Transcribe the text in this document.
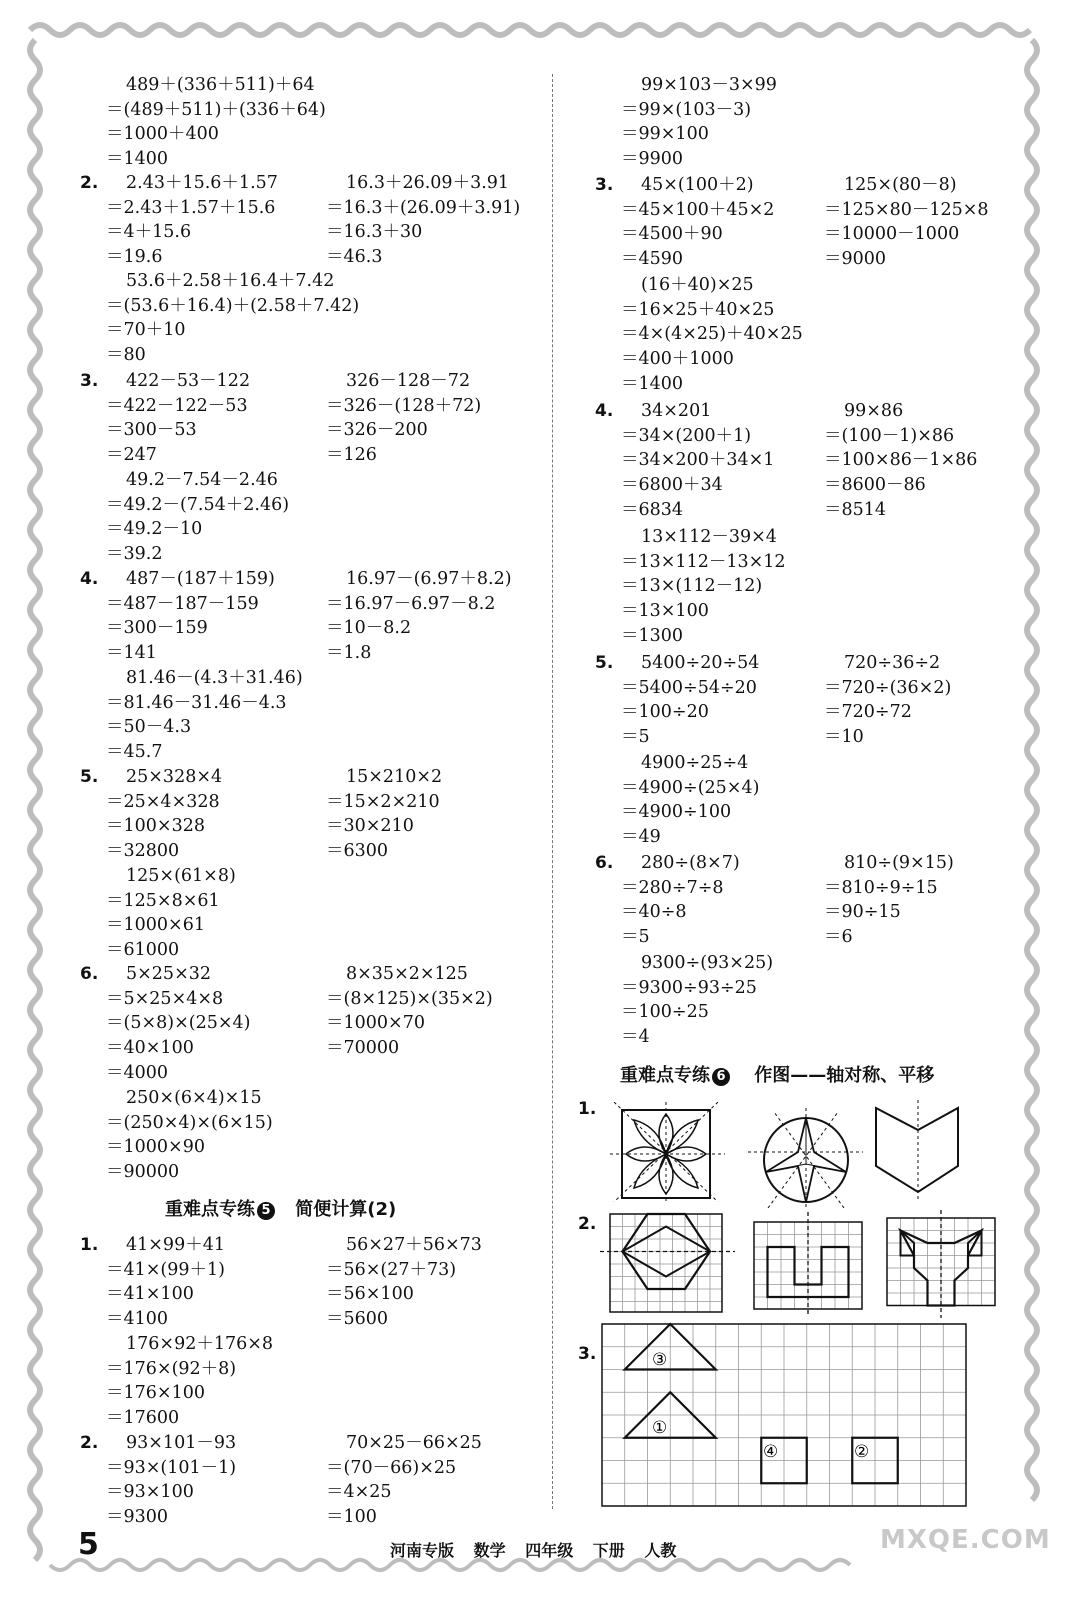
489＋(336＋511)＋64
＝(489＋511)＋(336＋64)
＝1000＋400
＝1400
2. 2.43＋15.6＋1.57
＝2.43＋1.57＋15.6
＝4＋15.6
＝19.6
16.3＋26.09＋3.91
＝16.3＋(26.09＋3.91)
＝16.3＋30
＝46.3
53.6＋2.58＋16.4＋7.42
＝(53.6＋16.4)＋(2.58＋7.42)
＝70＋10
＝80
3. 422－53－122
＝422－122－53
＝300－53
＝247
326－128－72
＝326－(128＋72)
＝326－200
＝126
49.2－7.54－2.46
＝49.2－(7.54＋2.46)
＝49.2－10
＝39.2
4. 487－(187＋159)
＝487－187－159
＝300－159
＝141
16.97－(6.97＋8.2)
＝16.97－6.97－8.2
＝10－8.2
＝1.8
81.46－(4.3＋31.46)
＝81.46－31.46－4.3
＝50－4.3
＝45.7
5. 25×328×4
＝25×4×328
＝100×328
＝32800
15×210×2
＝15×2×210
＝30×210
＝6300
125×(61×8)
＝125×8×61
＝1000×61
＝61000
6. 5×25×32
＝5×25×4×8
＝(5×8)×(25×4)
＝40×100
＝4000
8×35×2×125
＝(8×125)×(35×2)
＝1000×70
＝70000
250×(6×4)×15
＝(250×4)×(6×15)
＝1000×90
＝90000
1. 41×99＋41
＝41×(99＋1)
＝41×100
＝4100
56×27＋56×73
＝56×(27＋73)
＝56×100
＝5600
176×92＋176×8
＝176×(92＋8)
＝176×100
＝17600
2. 93×101－93
＝93×(101－1)
＝93×100
＝9300
70×25－66×25
＝(70－66)×25
＝4×25
＝100
99×103－3×99
＝99×(103－3)
＝99×100
＝9900
3. 45×(100＋2)
＝45×100＋45×2
＝4500＋90
＝4590
125×(80－8)
＝125×80－125×8
＝10000－1000
＝9000
(16＋40)×25
＝16×25＋40×25
＝4×(4×25)＋40×25
＝400＋1000
＝1400
4. 34×201
＝34×(200＋1)
＝34×200＋34×1
＝6800＋34
＝6834
99×86
＝(100－1)×86
＝100×86－1×86
＝8600－86
＝8514
13×112－39×4
＝13×112－13×12
＝13×(112－12)
＝13×100
＝1300
5. 5400÷20÷54
＝5400÷54÷20
＝100÷20
＝5
720÷36÷2
＝720÷(36×2)
＝720÷72
＝10
4900÷25÷4
＝4900÷(25×4)
＝4900÷100
＝49
6. 280÷(8×7)
＝280÷7÷8
＝40÷8
＝5
810÷(9×15)
＝810÷9÷15
＝90÷15
＝6
9300÷(93×25)
＝9300÷93÷25
＝100÷25
＝4
重难点专练 5 简便计算(2)
重难点专练 6 作图——轴对称、平移
1.
2.
3.	③
①
④	②
5	河南专版 数学 四年级 下册 人教	MXQE.COM
